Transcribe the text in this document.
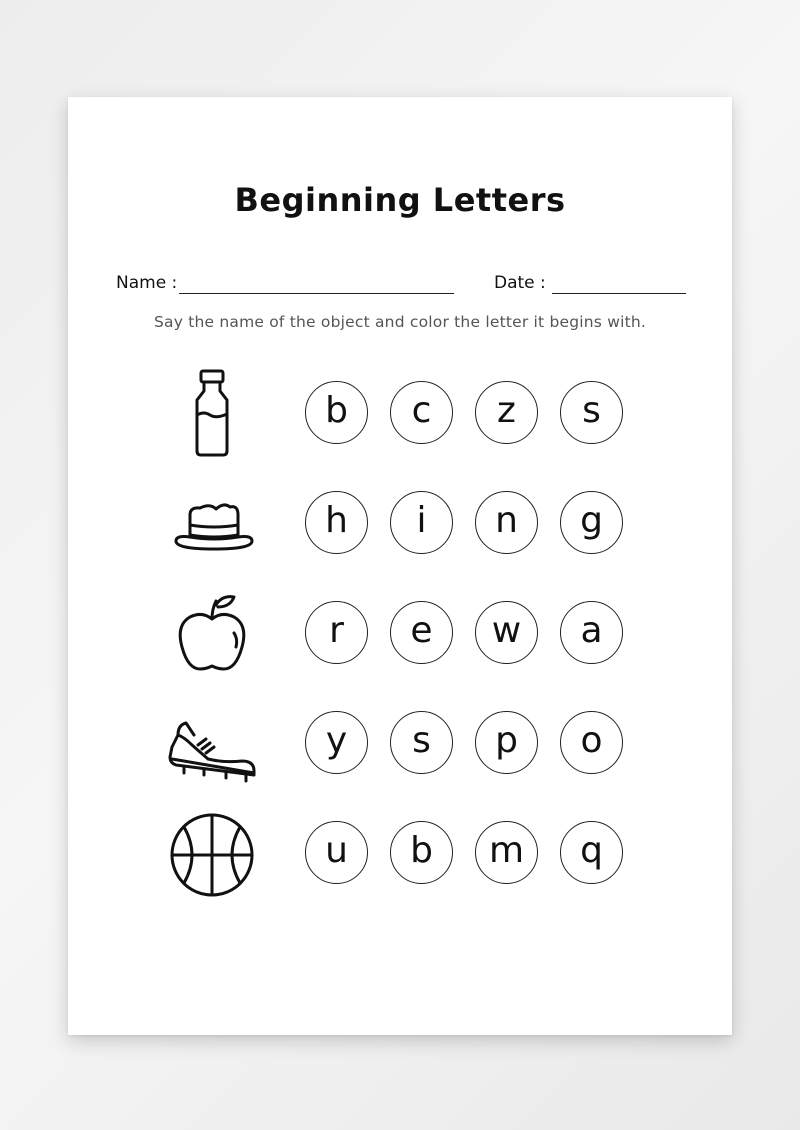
Beginning Letters
Name :	Date :
Say the name of the object and color the letter it begins with.
b	c	z	s
h	i	n	g
r	e	w	a
y	s	p	o
u	b	m	q
